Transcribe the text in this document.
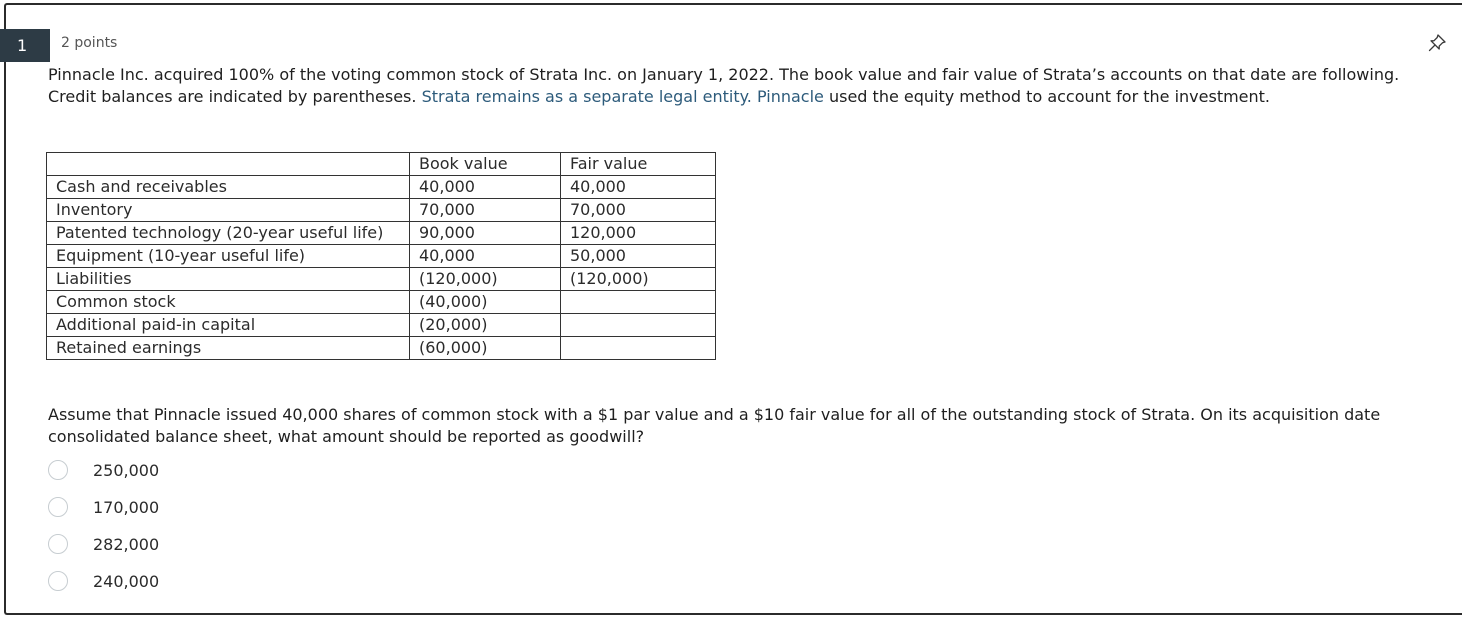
1	2 points
Pinnacle Inc. acquired 100% of the voting common stock of Strata Inc. on January 1, 2022. The book value and fair value of Strata’s accounts on that date are following. Credit balances are indicated by parentheses. Strata remains as a separate legal entity. Pinnacle used the equity method to account for the investment.
	Book value	Fair value
Cash and receivables	40,000	40,000
Inventory	70,000	70,000
Patented technology (20-year useful life)	90,000	120,000
Equipment (10-year useful life)	40,000	50,000
Liabilities	(120,000)	(120,000)
Common stock	(40,000)	
Additional paid-in capital	(20,000)	
Retained earnings	(60,000)	
Assume that Pinnacle issued 40,000 shares of common stock with a $1 par value and a $10 fair value for all of the outstanding stock of Strata. On its acquisition date consolidated balance sheet, what amount should be reported as goodwill?
250,000
170,000
282,000
240,000
